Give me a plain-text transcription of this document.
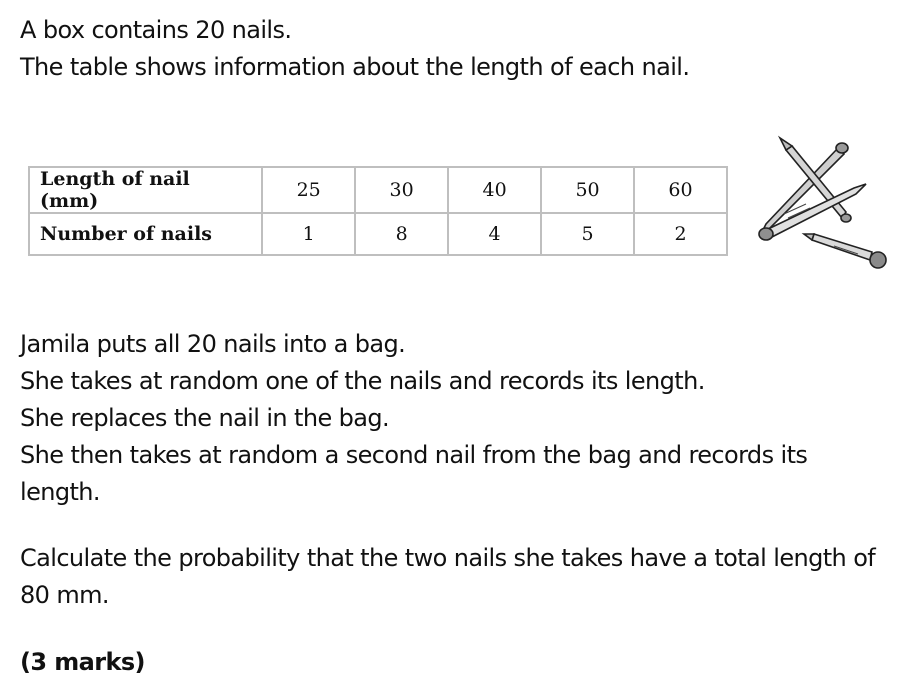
A box contains 20 nails.
The table shows information about the length of each nail.
Length of nail (mm)	25	30	40	50	60
Number of nails	1	8	4	5	2
Jamila puts all 20 nails into a bag.
She takes at random one of the nails and records its length.
She replaces the nail in the bag.
She then takes at random a second nail from the bag and records its length.
Calculate the probability that the two nails she takes have a total length of 80 mm.
(3 marks)
